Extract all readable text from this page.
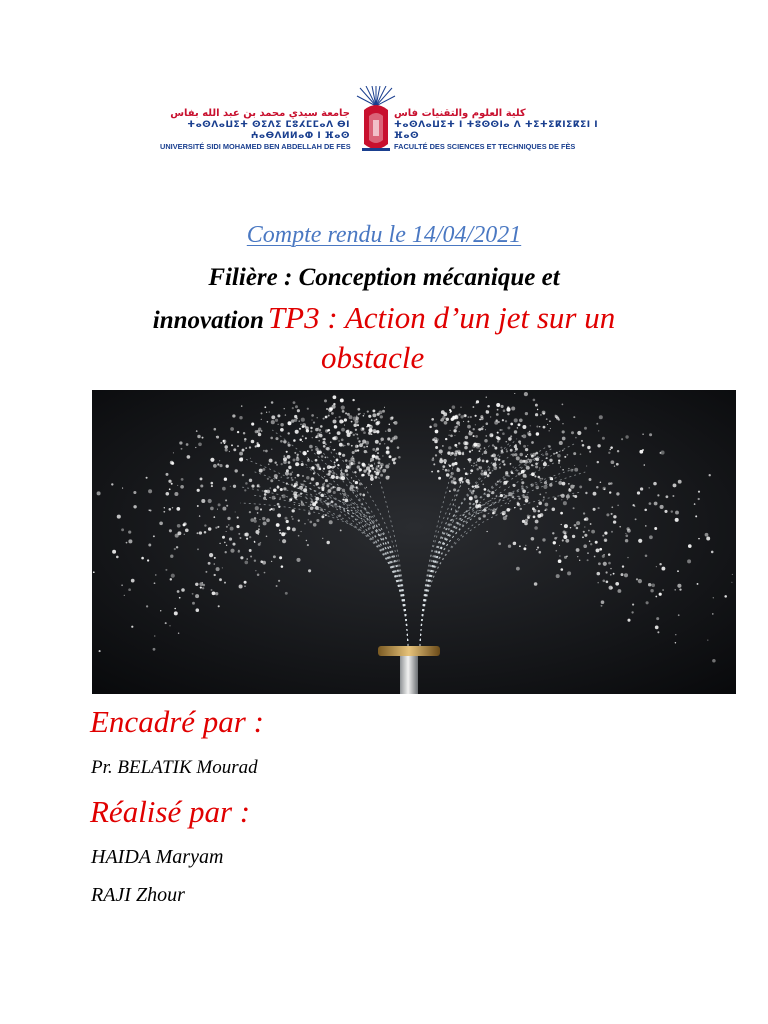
جامعة سيدي محمد بن عبد الله بفاس
ⵜⴰⵙⴷⴰⵡⵉⵜ ⵙⵉⴷⵉ ⵎⵓⵃⵎⵎⴰⴷ ⴱⵏ ⵄⴰⴱⴷⵍⵍⴰⵀ ⵏ ⴼⴰⵙ
UNIVERSITÉ SIDI MOHAMED BEN ABDELLAH DE FES
كلية العلوم والتقنيات فاس
ⵜⴰⵙⴷⴰⵡⵉⵜ ⵏ ⵜⵓⵙⵙⵏⴰ ⴷ ⵜⵉⵜⵉⴽⵏⵉⴽⵉⵏ ⵏ ⴼⴰⵙ
FACULTÉ DES SCIENCES ET TECHNIQUES DE FÈS
Compte rendu le 14/04/2021
Filière : Conception mécanique et
innovation TP3 : Action d’un jet sur un
obstacle
Encadré par :
Pr. BELATIK Mourad
Réalisé par :
HAIDA Maryam
RAJI Zhour
